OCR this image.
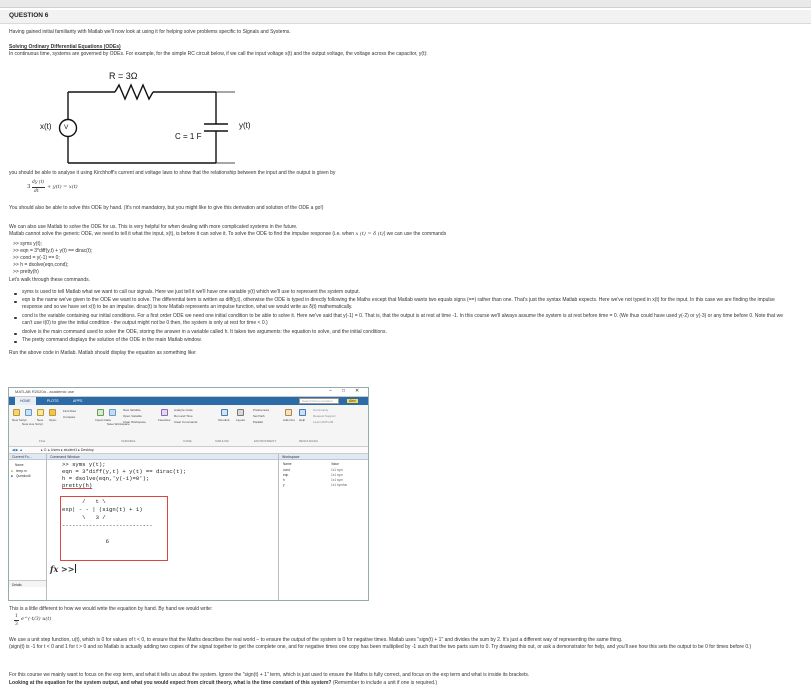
QUESTION 6
Having gained initial familiarity with Matlab we'll now look at using it for helping solve problems specific to Signals and Systems.
Solving Ordinary Differential Equations (ODEs)
In continuous time, systems are governed by ODEs. For example, for the simple RC circuit below, if we call the input voltage x(t) and the output voltage, the voltage across the capacitor, y(t):
R = 3Ω
C = 1 F
x(t) V	y(t)
you should be able to analyse it using Kirchhoff's current and voltage laws to show that the relationship between the input and the output is given by
3
dy (t)
dt
+ y(t) = x(t)
You should also be able to solve this ODE by hand. (It's not mandatory, but you might like to give this derivation and solution of the ODE a go!)
We can also use Matlab to solve the ODE for us. This is very helpful for when dealing with more complicated systems in the future.
Matlab cannot solve the generic ODE, we need to tell it what the input, x(t), is before it can solve it. To solve the ODE to find the impulse response (i.e. when x (t) = δ (t)) we can use the commands
>> syms y(t);
>> eqn = 3*diff(y,t) + y(t) == dirac(t);
>> cond = y(-1) == 0;
>> h = dsolve(eqn,cond);
>> pretty(h)
Let's walk through these commands.
syms is used to tell Matlab what we want to call our signals. Here we just tell it we'll have one variable y(t) which we'll use to represent the system output.
eqn is the name we've given to the ODE we want to solve. The differential term is written as diff(y,t), otherwise the ODE is typed in directly following the Maths except that Matlab wants two equals signs (==) rather than one. That's just the syntax Matlab expects. Here we've not typed in x(t) for the input. In this case we are finding the impulse response and so we have set x(t) to be an impulse. dirac(t) is how Matlab represents an impulse function, what we would write as δ(t) mathematically.
cond is the variable containing our initial conditions. For a first order ODE we need one initial condition to be able to solve it. Here we've said that y(-1) = 0. That is, that the output is at rest at time -1. In this course we'll always assume the system is at rest before time = 0. (We thus could have used y(-2) or y(-3) or any time before 0. Note that we can't use t(0) to give the initial condition - the output might not be 0 then, the system is only at rest for time < 0.)
dsolve is the main command used to solve the ODE, storing the answer in a variable called h. It takes two arguments: the equation to solve, and the initial conditions.
The pretty command displays the solution of the ODE in the main Matlab window.
Run the above code in Matlab. Matlab should display the equation as something like:
MATLAB R2020a - academic use	– □ ✕
HOME	PLOTS	APPS	Search Documentation	Alex
New Script
New Live Script
New Open
Find Files
Compare
FILE
Import Data
Save Workspace
New Variable
Open Variable
Clear Workspace
VARIABLE
Favorites
Analyze Code
Run and Time
Clear Commands
CODE
Simulink
SIMULINK
Layout
Preferences
Set Path
Parallel
ENVIRONMENT
Add-Ons Help
Community
Request Support
Learn MATLAB
RESOURCES
◀ ▶ ▲	▸ C: ▸ Users ▸ student1 ▸ Desktop
Current Fo...
Name
■ temp.m
■ Question6
Details
Command Window
>> syms y(t);
eqn = 3*diff(y,t) + y(t) == dirac(t);
h = dsolve(eqn,'y(-1)=0');
pretty(h)
/   t \
exp| - - | (sign(t) + 1)
\   3 /
---------------------------
6
fx >>
Workspace
Name	Value
cond	1x1 sym
eqn	1x1 sym
h	1x1 sym
y	1x1 symfun
This is a little different to how we would write the equation by hand. By hand we would write:
1
3
e^(-t/3) u(t)
We use a unit step function, u(t), which is 0 for values of t < 0, to ensure that the Maths describes the real world – to ensure the output of the system is 0 for negative times. Matlab uses "sign(t) + 1" and divides the sum by 2. It's just a different way of representing the same thing.
(sign(t) is -1 for t < 0 and 1 for t > 0 and so Matlab is actually adding two copies of the signal together to get the complete one, and for negative times one copy has been multiplied by -1 such that the two parts sum to 0. Try drawing this out, or ask a demonstrator for help, and you'll see how this sets the output to be 0 for times before 0.)
For this course we mainly want to focus on the exp term, and what it tells us about the system. Ignore the "sign(t) + 1" term, which is just used to ensure the Maths is fully correct, and focus on the exp term and what is inside its brackets.
Looking at the equation for the system output, and what you would expect from circuit theory, what is the time constant of this system? (Remember to include a unit if one is required.)
